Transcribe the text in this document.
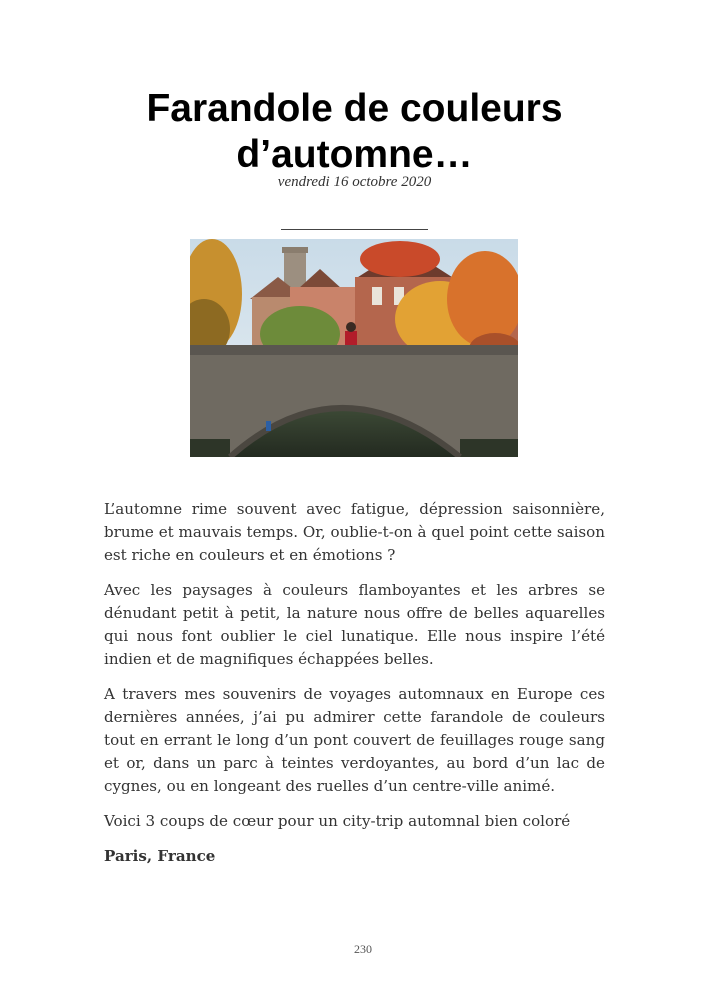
Farandole de couleurs
d’automne…
vendredi 16 octobre 2020

L’automne rime souvent avec fatigue, dépression saisonnière, brume et mauvais temps. Or, oublie-t-on à quel point cette saison est riche en couleurs et en émotions ?

Avec les paysages à couleurs flamboyantes et les arbres se dénudant petit à petit, la nature nous offre de belles aquarelles qui nous font oublier le ciel lunatique. Elle nous inspire l’été indien et de magnifiques échappées belles.

A travers mes souvenirs de voyages automnaux en Europe ces dernières années, j’ai pu admirer cette farandole de couleurs tout en errant le long d’un pont couvert de feuillages rouge sang et or, dans un parc à teintes verdoyantes, au bord d’un lac de cygnes, ou en longeant des ruelles d’un centre-ville animé.

Voici 3 coups de cœur pour un city-trip automnal bien coloré

Paris, France

230
